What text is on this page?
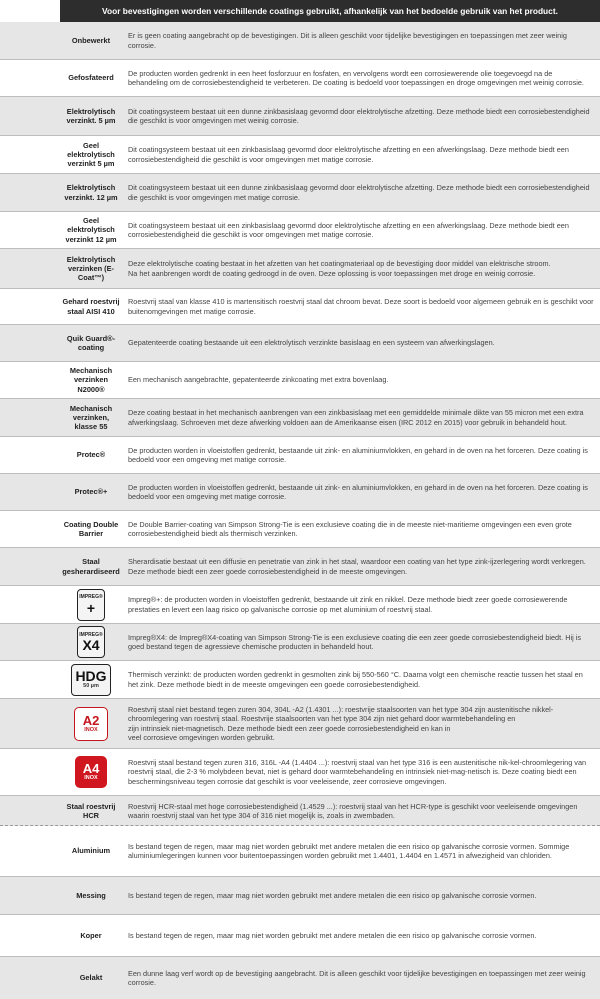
Voor bevestigingen worden verschillende coatings gebruikt, afhankelijk van het bedoelde gebruik van het product.
Onbewerkt
Er is geen coating aangebracht op de bevestigingen. Dit is alleen geschikt voor tijdelijke bevestigingen en toepassingen met zeer weinig corrosie.
Gefosfateerd
De producten worden gedrenkt in een heet fosforzuur en fosfaten, en vervolgens wordt een corrosiewerende olie toegevoegd na de behandeling om de corrosiebestendigheid te verbeteren. De coating is bedoeld voor toepassingen en droge omgevingen met weinig corrosie.
Elektrolytisch verzinkt. 5 µm
Dit coatingsysteem bestaat uit een dunne zinkbasislaag gevormd door elektrolytische afzetting. Deze methode biedt een corrosiebestendigheid die geschikt is voor omgevingen met weinig corrosie.
Geel elektrolytisch verzinkt 5 µm
Dit coatingsysteem bestaat uit een zinkbasislaag gevormd door elektrolytische afzetting en een afwerkingslaag. Deze methode biedt een corrosiebestendigheid die geschikt is voor omgevingen met matige corrosie.
Elektrolytisch verzinkt. 12 µm
Dit coatingsysteem bestaat uit een dunne zinkbasislaag gevormd door elektrolytische afzetting. Deze methode biedt een corrosiebestendigheid die geschikt is voor omgevingen met matige corrosie.
Geel elektrolytisch verzinkt 12 µm
Dit coatingsysteem bestaat uit een zinkbasislaag gevormd door elektrolytische afzetting en een afwerkingslaag. Deze methode biedt een corrosiebestendigheid die geschikt is voor omgevingen met matige corrosie.
Elektrolytisch verzinken (E-Coat™)
Deze elektrolytische coating bestaat in het afzetten van het coatingmateriaal op de bevestiging door middel van elektrische stroom.
Na het aanbrengen wordt de coating gedroogd in de oven. Deze oplossing is voor toepassingen met droge en weinig corrosie.
Gehard roestvrij staal AISI 410
Roestvrij staal van klasse 410 is martensitisch roestvrij staal dat chroom bevat. Deze soort is bedoeld voor algemeen gebruik en is geschikt voor buitenomgevingen met matige corrosie.
Quik Guard®-coating
Gepatenteerde coating bestaande uit een elektrolytisch verzinkte basislaag en een systeem van afwerkingslagen.
Mechanisch verzinken N2000®
Een mechanisch aangebrachte, gepatenteerde zinkcoating met extra bovenlaag.
Mechanisch verzinken, klasse 55
Deze coating bestaat in het mechanisch aanbrengen van een zinkbasislaag met een gemiddelde minimale dikte van 55 micron met een extra afwerkingslaag. Schroeven met deze afwerking voldoen aan de Amerikaanse eisen (IRC 2012 en 2015) voor gebruik in behandeld hout.
Protec®
De producten worden in vloeistoffen gedrenkt, bestaande uit zink- en aluminiumvlokken, en gehard in de oven na het forceren. Deze coating is bedoeld voor een omgeving met matige corrosie.
Protec®+
De producten worden in vloeistoffen gedrenkt, bestaande uit zink- en aluminiumvlokken, en gehard in de oven na het forceren. Deze coating is bedoeld voor een omgeving met matige corrosie.
Coating Double Barrier
De Double Barrier-coating van Simpson Strong-Tie is een exclusieve coating die in de meeste niet-maritieme omgevingen een even grote corrosiebestendigheid biedt als thermisch verzinken.
Staal gesherardiseerd
Sherardisatie bestaat uit een diffusie en penetratie van zink in het staal, waardoor een coating van het type zink-ijzerlegering wordt verkregen. Deze methode biedt een zeer goede corrosiebestendigheid in de meeste omgevingen.
IMPREG®
+
Impreg®+: de producten worden in vloeistoffen gedrenkt, bestaande uit zink en nikkel. Deze methode biedt zeer goede corrosiewerende prestaties en levert een laag risico op galvanische corrosie op met aluminium of roestvrij staal.
IMPREG®
X4
Impreg®X4: de Impreg®X4-coating van Simpson Strong-Tie is een exclusieve coating die een zeer goede corrosiebestendigheid biedt. Hij is goed bestand tegen de agressieve chemische producten in behandeld hout.
HDG
50 µm
Thermisch verzinkt: de producten worden gedrenkt in gesmolten zink bij 550-560 °C. Daarna volgt een chemische reactie tussen het staal en het zink. Deze methode biedt in de meeste omgevingen een goede corrosiebestendigheid.
A2
INOX
Roestvrij staal niet bestand tegen zuren 304, 304L -A2 (1.4301 ...): roestvrije staalsoorten van het type 304 zijn austenitische nikkel-chroomlegering van roestvrij staal. Roestvrije staalsoorten van het type 304 zijn niet gehard door warmtebehandeling en
zijn intrinsiek niet-magnetisch. Deze methode biedt een zeer goede corrosiebestendigheid en kan in
veel corrosieve omgevingen worden gebruikt.
A4
INOX
Roestvrij staal bestand tegen zuren 316, 316L -A4 (1.4404 ...): roestvrij staal van het type 316 is een austenitische nik-kel-chroomlegering van roestvrij staal, die 2-3 % molybdeen bevat, niet is gehard door warmtebehandeling en intrinsiek niet-mag-netisch is. Deze coating biedt een beschermingsniveau tegen corrosie dat geschikt is voor veeleisende, zeer corrosieve omgevingen.
Staal roestvrij HCR
Roestvrij HCR-staal met hoge corrosiebestendigheid (1.4529 ...): roestvrij staal van het HCR-type is geschikt voor veeleisende omgevingen waarin roestvrij staal van het type 304 of 316 niet mogelijk is, zoals in zwembaden.
Aluminium
Is bestand tegen de regen, maar mag niet worden gebruikt met andere metalen die een risico op galvanische corrosie vormen. Sommige aluminiumlegeringen kunnen voor buitentoepassingen worden gebruikt met 1.4401, 1.4404 en 1.4571 in afwezigheid van chloriden.
Messing	Is bestand tegen de regen, maar mag niet worden gebruikt met andere metalen die een risico op galvanische corrosie vormen.
Koper	Is bestand tegen de regen, maar mag niet worden gebruikt met andere metalen die een risico op galvanische corrosie vormen.
Gelakt
Een dunne laag verf wordt op de bevestiging aangebracht. Dit is alleen geschikt voor tijdelijke bevestigingen en toepassingen met zeer weinig corrosie.
